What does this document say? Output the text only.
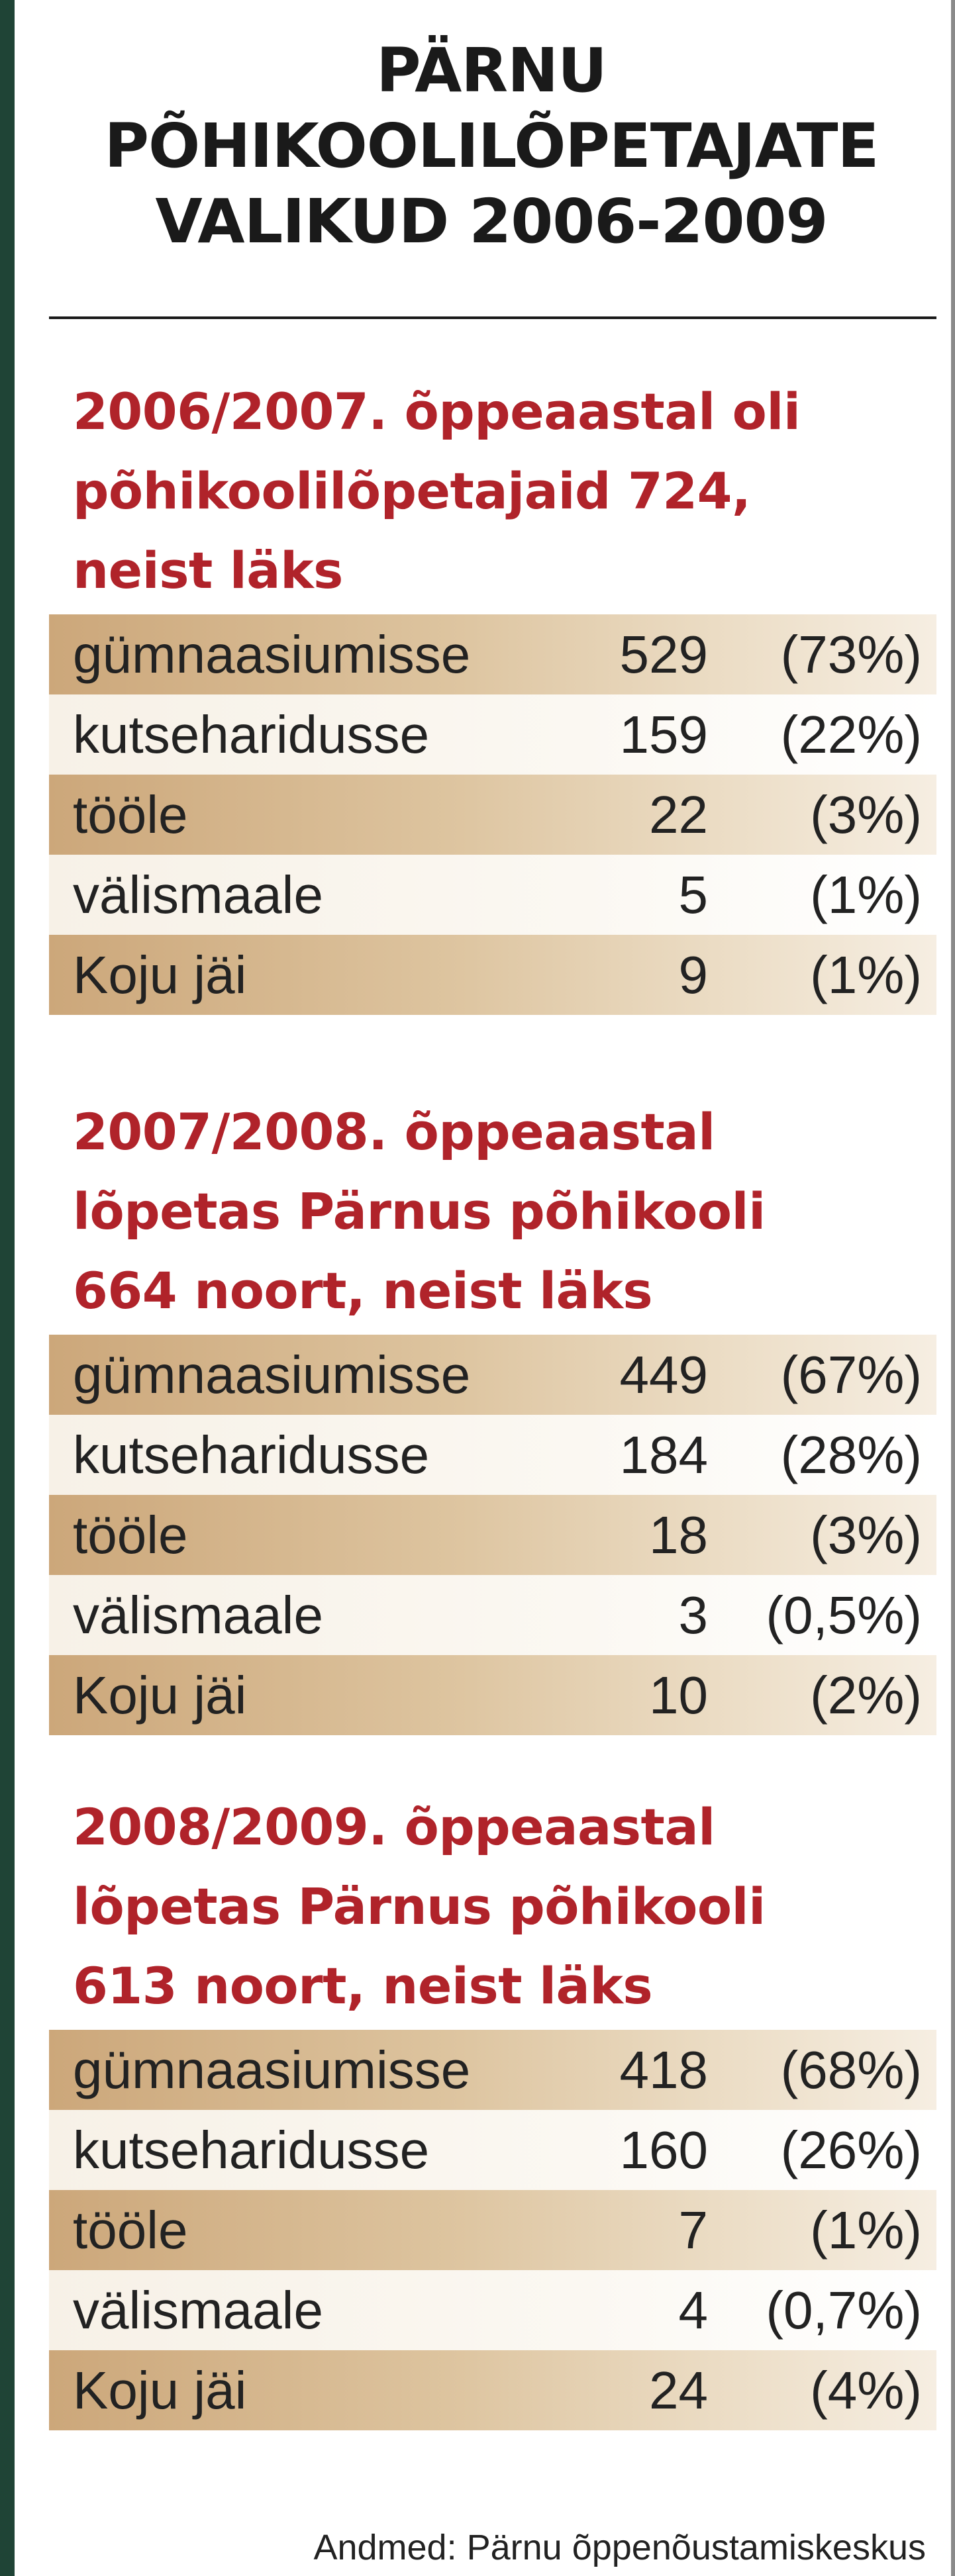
PÄRNU
PÕHIKOOLILÕPETAJATE
VALIKUD 2006-2009
2006/2007. õppeaastal oli
põhikoolilõpetajaid 724,
neist läks
gümnaasiumisse	529 (73%)
kutseharidusse	159 (22%)
tööle	22 (3%)
välismaale	5 (1%)
Koju jäi	9 (1%)
2007/2008. õppeaastal
lõpetas Pärnus põhikooli
664 noort, neist läks
gümnaasiumisse	449 (67%)
kutseharidusse	184 (28%)
tööle	18 (3%)
välismaale	3 (0,5%)
Koju jäi	10 (2%)
2008/2009. õppeaastal
lõpetas Pärnus põhikooli
613 noort, neist läks
gümnaasiumisse	418 (68%)
kutseharidusse	160 (26%)
tööle	7 (1%)
välismaale	4 (0,7%)
Koju jäi	24 (4%)
Andmed: Pärnu õppenõustamiskeskus
